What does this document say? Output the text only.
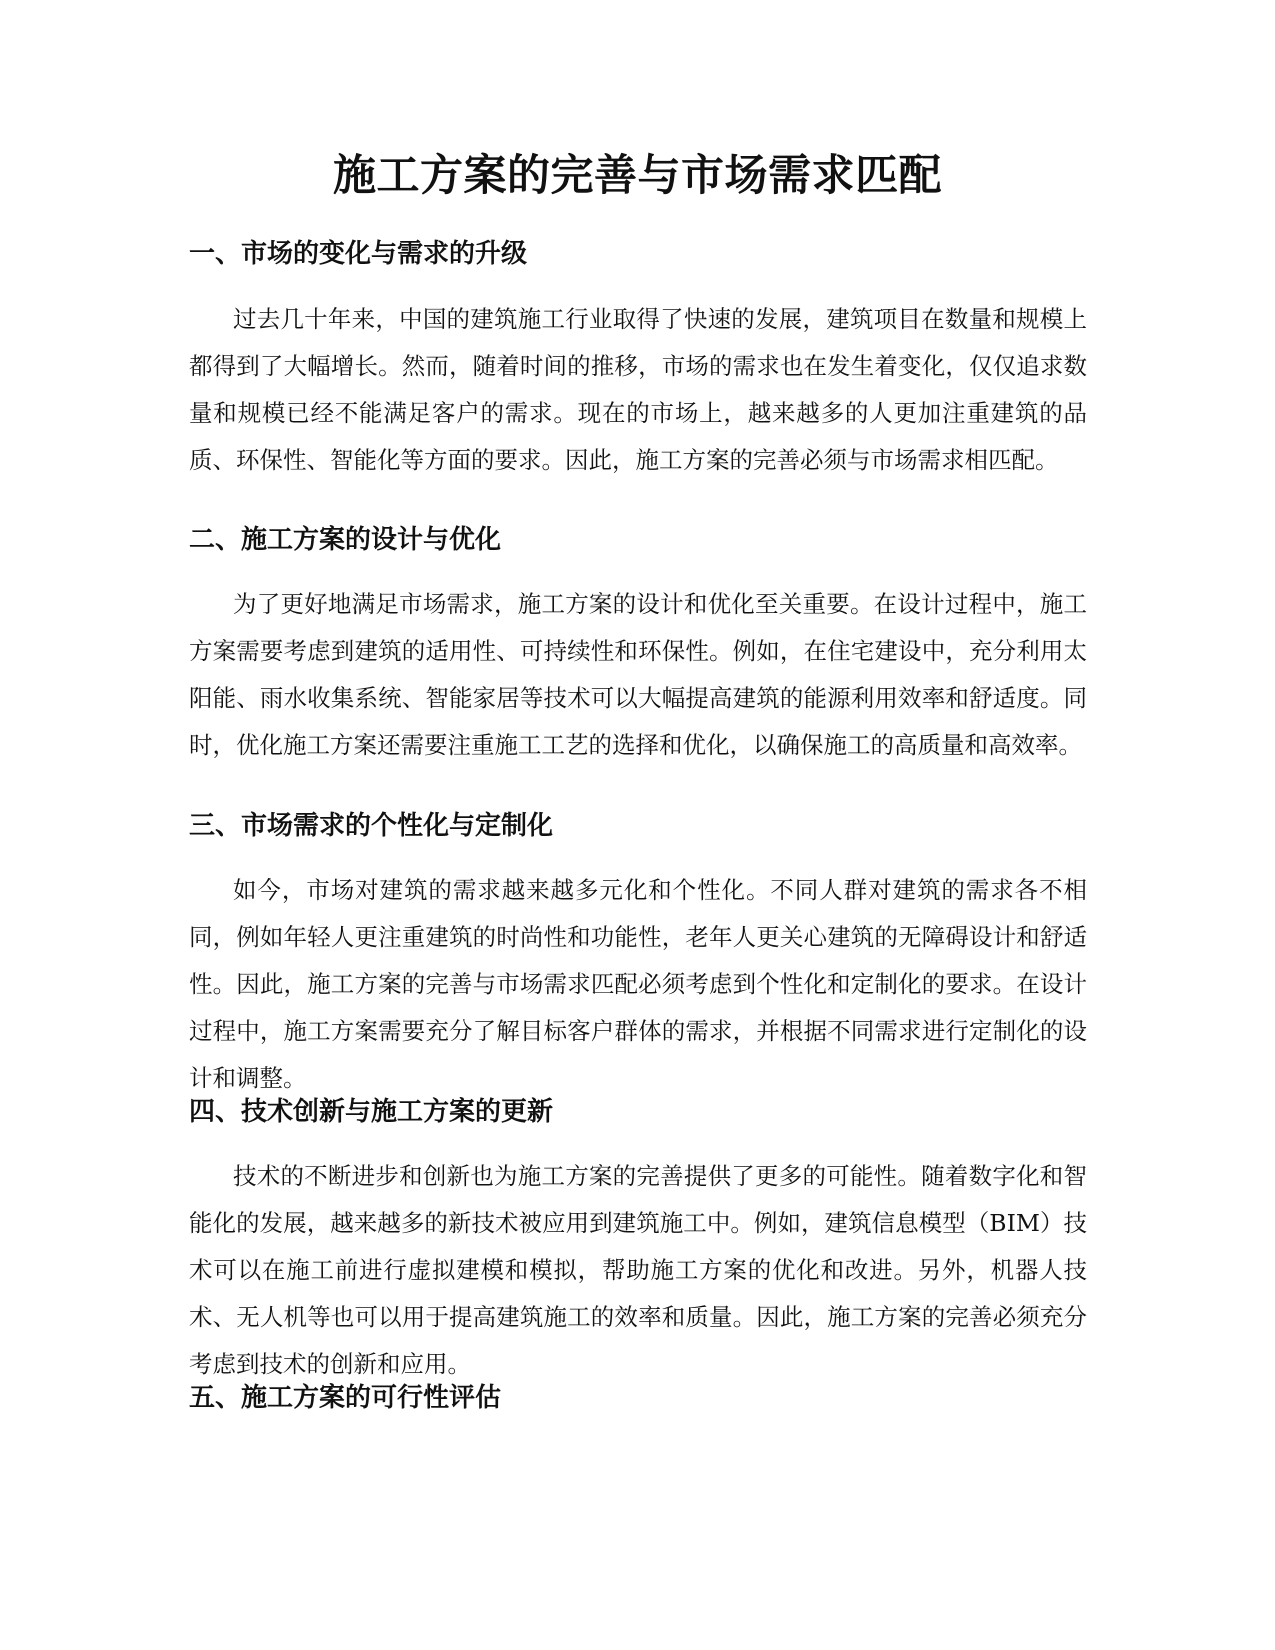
施工方案的完善与市场需求匹配
一、市场的变化与需求的升级

过去几十年来，中国的建筑施工行业取得了快速的发展，建筑项目在数量和规模上都得到了大幅增长。然而，随着时间的推移，市场的需求也在发生着变化，仅仅追求数量和规模已经不能满足客户的需求。现在的市场上，越来越多的人更加注重建筑的品质、环保性、智能化等方面的要求。因此，施工方案的完善必须与市场需求相匹配。

二、施工方案的设计与优化

为了更好地满足市场需求，施工方案的设计和优化至关重要。在设计过程中，施工方案需要考虑到建筑的适用性、可持续性和环保性。例如，在住宅建设中，充分利用太阳能、雨水收集系统、智能家居等技术可以大幅提高建筑的能源利用效率和舒适度。同时，优化施工方案还需要注重施工工艺的选择和优化，以确保施工的高质量和高效率。

三、市场需求的个性化与定制化

如今，市场对建筑的需求越来越多元化和个性化。不同人群对建筑的需求各不相同，例如年轻人更注重建筑的时尚性和功能性，老年人更关心建筑的无障碍设计和舒适性。因此，施工方案的完善与市场需求匹配必须考虑到个性化和定制化的要求。在设计过程中，施工方案需要充分了解目标客户群体的需求，并根据不同需求进行定制化的设计和调整。

四、技术创新与施工方案的更新

技术的不断进步和创新也为施工方案的完善提供了更多的可能性。随着数字化和智能化的发展，越来越多的新技术被应用到建筑施工中。例如，建筑信息模型（BIM）技术可以在施工前进行虚拟建模和模拟，帮助施工方案的优化和改进。另外，机器人技术、无人机等也可以用于提高建筑施工的效率和质量。因此，施工方案的完善必须充分考虑到技术的创新和应用。

五、施工方案的可行性评估
